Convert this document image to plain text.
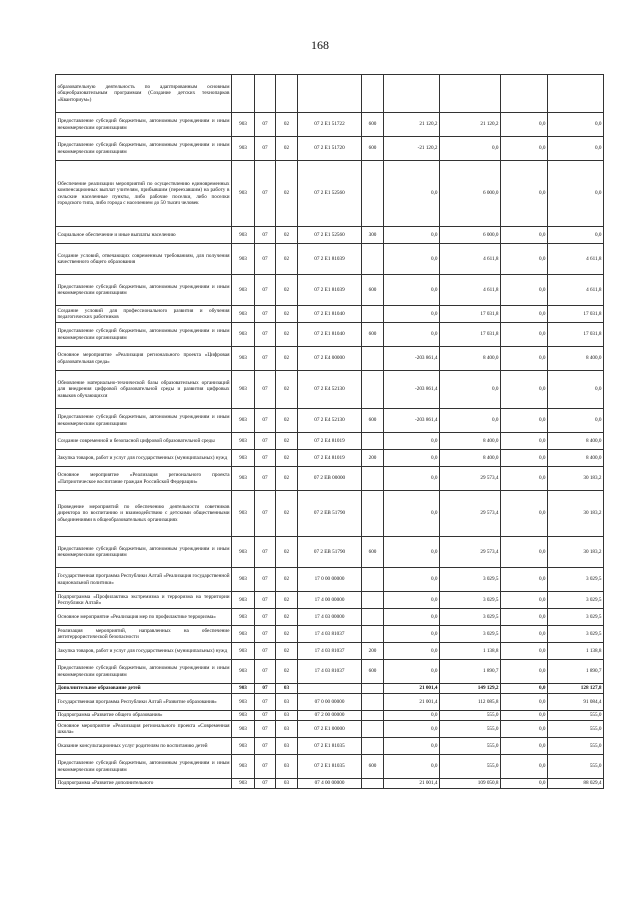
168
образовательную деятельность по адаптированным основным общеобразовательным программам (Создание детских технопарков «Кванториум»)									
Предоставление субсидий бюджетным, автономным учреждениям и иным некоммерческим организациям	903	07	02	07 2 E1 51722	600	21 120,2	21 120,2	0,0	0,0
Предоставление субсидий бюджетным, автономным учреждениям и иным некоммерческим организациям	903	07	02	07 2 E1 51720	600	-21 120,2	0,0	0,0	0,0
Обеспечение реализации мероприятий по осуществлению единовременных компенсационных выплат учителям, прибывшим (переехавшим) на работу в сельские населенные пункты, либо рабочие поселки, либо поселки городского типа, либо города с населением до 50 тысяч человек	903	07	02	07 2 E1 52560		0,0	6 000,0	0,0	0,0
Социальное обеспечение и иные выплаты населению	903	07	02	07 2 E1 52560	300	0,0	6 000,0	0,0	0,0
Создание условий, отвечающих современным требованиям, для получения качественного общего образования	903	07	02	07 2 E1 81039		0,0	4 611,8	0,0	4 611,8
Предоставление субсидий бюджетным, автономным учреждениям и иным некоммерческим организациям	903	07	02	07 2 E1 81039	600	0,0	4 611,8	0,0	4 611,8
Создание условий для профессионального развития и обучения педагогических работников	903	07	02	07 2 E1 81040		0,0	17 031,8	0,0	17 031,8
Предоставление субсидий бюджетным, автономным учреждениям и иным некоммерческим организациям	903	07	02	07 2 E1 81040	600	0,0	17 031,8	0,0	17 031,8
Основное мероприятие «Реализация регионального проекта «Цифровая образовательная среда»	903	07	02	07 2 E4 00000		-203 861,4	8 400,0	0,0	8 400,0
Обновление материально-технической базы образовательных организаций для внедрения цифровой образовательной среды и развития цифровых навыков обучающихся	903	07	02	07 2 E4 52130		-203 861,4	0,0	0,0	0,0
Предоставление субсидий бюджетным, автономным учреждениям и иным некоммерческим организациям	903	07	02	07 2 E4 52130	600	-203 861,4	0,0	0,0	0,0
Создание современной и безопасной цифровой образовательной среды	903	07	02	07 2 E4 81019		0,0	8 400,0	0,0	8 400,0
Закупка товаров, работ и услуг для государственных (муниципальных) нужд	903	07	02	07 2 E4 81019	200	0,0	8 400,0	0,0	8 400,0
Основное мероприятие «Реализация регионального проекта «Патриотическое воспитание граждан Российской Федерации»	903	07	02	07 2 EB 00000		0,0	29 573,4	0,0	30 183,2
Проведение мероприятий по обеспечению деятельности советников директора по воспитанию и взаимодействию с детскими общественными объединениями в общеобразовательных организациях	903	07	02	07 2 EB 51790		0,0	29 573,4	0,0	30 183,2
Предоставление субсидий бюджетным, автономным учреждениям и иным некоммерческим организациям	903	07	02	07 2 EB 51790	600	0,0	29 573,4	0,0	30 183,2
Государственная программа Республики Алтай «Реализация государственной национальной политики»	903	07	02	17 0 00 00000		0,0	3 029,5	0,0	3 029,5
Подпрограмма «Профилактика экстремизма и терроризма на территории Республики Алтай»	903	07	02	17 4 00 00000		0,0	3 029,5	0,0	3 029,5
Основное мероприятие «Реализация мер по профилактике терроризма»	903	07	02	17 4 03 00000		0,0	3 029,5	0,0	3 029,5
Реализация мероприятий, направленных на обеспечение антитеррористической безопасности	903	07	02	17 4 03 81037		0,0	3 029,5	0,0	3 029,5
Закупка товаров, работ и услуг для государственных (муниципальных) нужд	903	07	02	17 4 03 81037	200	0,0	1 138,8	0,0	1 138,8
Предоставление субсидий бюджетным, автономным учреждениям и иным некоммерческим организациям	903	07	02	17 4 03 81037	600	0,0	1 890,7	0,0	1 890,7
Дополнительное образование детей	903	07	03			21 001,4	149 129,2	0,0	128 127,8
Государственная программа Республики Алтай «Развитие образования»	903	07	03	07 0 00 00000		21 001,4	112 085,8	0,0	91 084,4
Подпрограмма «Развитие общего образования»	903	07	03	07 2 00 00000		0,0	555,0	0,0	555,0
Основное мероприятие «Реализация регионального проекта «Современная школа»	903	07	03	07 2 E1 00000		0,0	555,0	0,0	555,0
Оказание консультационных услуг родителям по воспитанию детей	903	07	03	07 2 E1 81035		0,0	555,0	0,0	555,0
Предоставление субсидий бюджетным, автономным учреждениям и иным некоммерческим организациям	903	07	03	07 2 E1 81035	600	0,0	555,0	0,0	555,0
Подпрограмма «Развитие дополнительного	903	07	03	07 4 00 00000		21 001,4	109 050,8	0,0	88 029,4
